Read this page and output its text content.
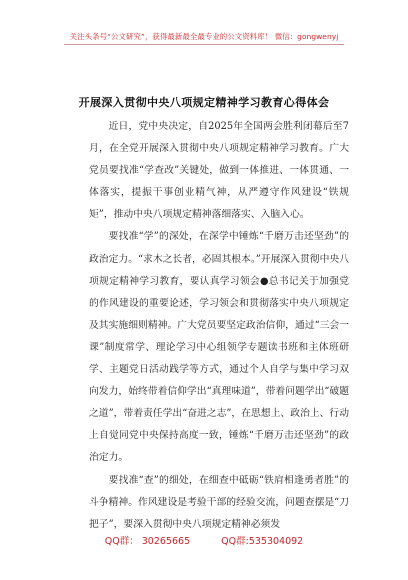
关注头条号“公文研究”，获得最新最全最专业的公文资料库！ 微信：gongwenyj
开展深入贯彻中央八项规定精神学习教育心得体会

近日，党中央决定，自2025年全国两会胜利闭幕后至7月，在全党开展深入贯彻中央八项规定精神学习教育。广大党员要找准“学查改”关键处，做到一体推进、一体贯通、一体落实，提振干事创业精气神，从严遵守作风建设“铁规矩”，推动中央八项规定精神落细落实、入脑入心。

要找准“学”的深处，在深学中锤炼“千磨万击还坚劲”的政治定力。“求木之长者，必固其根本。”开展深入贯彻中央八项规定精神学习教育，要认真学习领会●总书记关于加强党的作风建设的重要论述，学习领会和贯彻落实中央八项规定及其实施细则精神。广大党员要坚定政治信仰，通过“三会一课”制度常学、理论学习中心组领学专题读书班和主体班研学、主题党日活动践学等方式，通过个人自学与集中学习双向发力，始终带着信仰学出“真理味道”，带着问题学出“破题之道”，带着责任学出“奋进之志”，在思想上、政治上、行动上自觉同党中央保持高度一致，锤炼“千磨万击还坚劲”的政治定力。

要找准“查”的细处，在细查中砥砺“铁肩相逢勇者胜”的斗争精神。作风建设是考验干部的经验交流，问题查摆是“刀把子”，要深入贯彻中央八项规定精神必须发

QQ群： 30265665	QQ群:535304092
